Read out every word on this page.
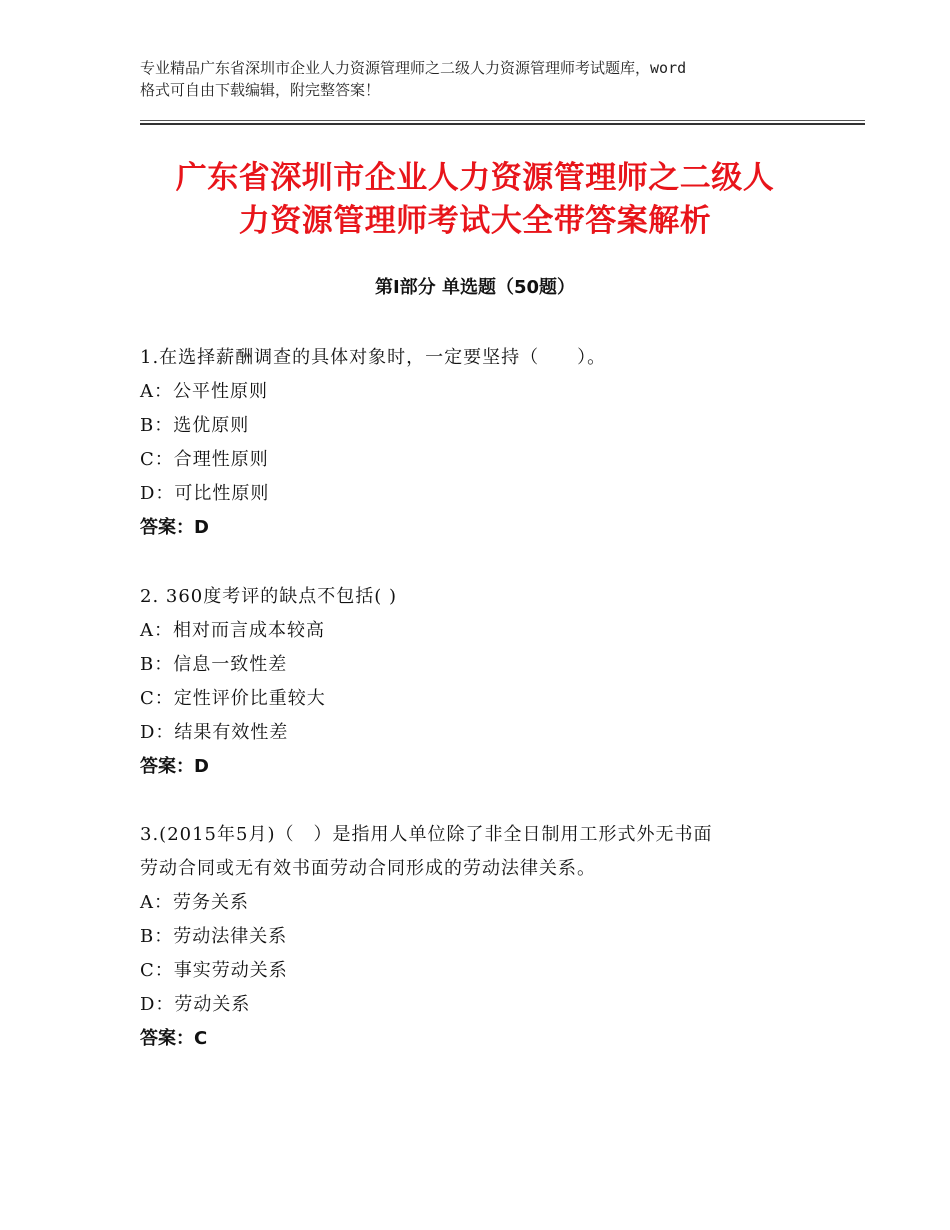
专业精品广东省深圳市企业人力资源管理师之二级人力资源管理师考试题库，word
格式可自由下载编辑，附完整答案！
广东省深圳市企业人力资源管理师之二级人
力资源管理师考试大全带答案解析
第Ⅰ部分 单选题（50题）
1.在选择薪酬调查的具体对象时，一定要坚持（　　）。
A：公平性原则
B：选优原则
C：合理性原则
D：可比性原则
答案：D
2. 360度考评的缺点不包括( )
A：相对而言成本较高
B：信息一致性差
C：定性评价比重较大
D：结果有效性差
答案：D
3.(2015年5月)（　）是指用人单位除了非全日制用工形式外无书面
劳动合同或无有效书面劳动合同形成的劳动法律关系。
A：劳务关系
B：劳动法律关系
C：事实劳动关系
D：劳动关系
答案：C
